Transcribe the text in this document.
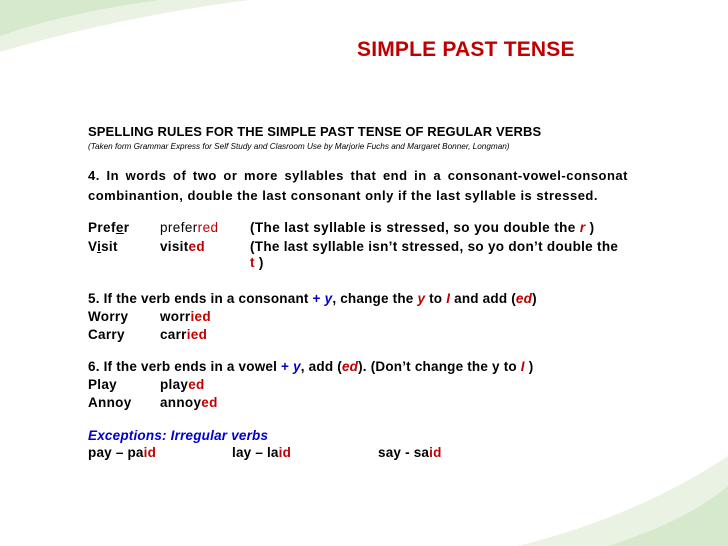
SIMPLE PAST TENSE
SPELLING RULES FOR THE SIMPLE PAST TENSE OF REGULAR VERBS
(Taken form Grammar Express for Self Study and Clasroom Use by Marjorie Fuchs and Margaret Bonner, Longman)
4. In words of two or more syllables that end in a consonant-vowel-consonat combinantion, double the last consonant only if the last syllable is stressed.
Prefer preferred (The last syllable is stressed, so you double the r )
Visit	visited	(The last syllable isn’t stressed, so yo don’t double the
t )
5. If the verb ends in a consonant + y, change the y to I and add (ed)
Worry worried
Carry	carried
6. If the verb ends in a vowel + y, add (ed). (Don’t change the y to I )
Play	played
Annoy annoyed
Exceptions: Irregular verbs
pay – paid	lay – laid	say - said
